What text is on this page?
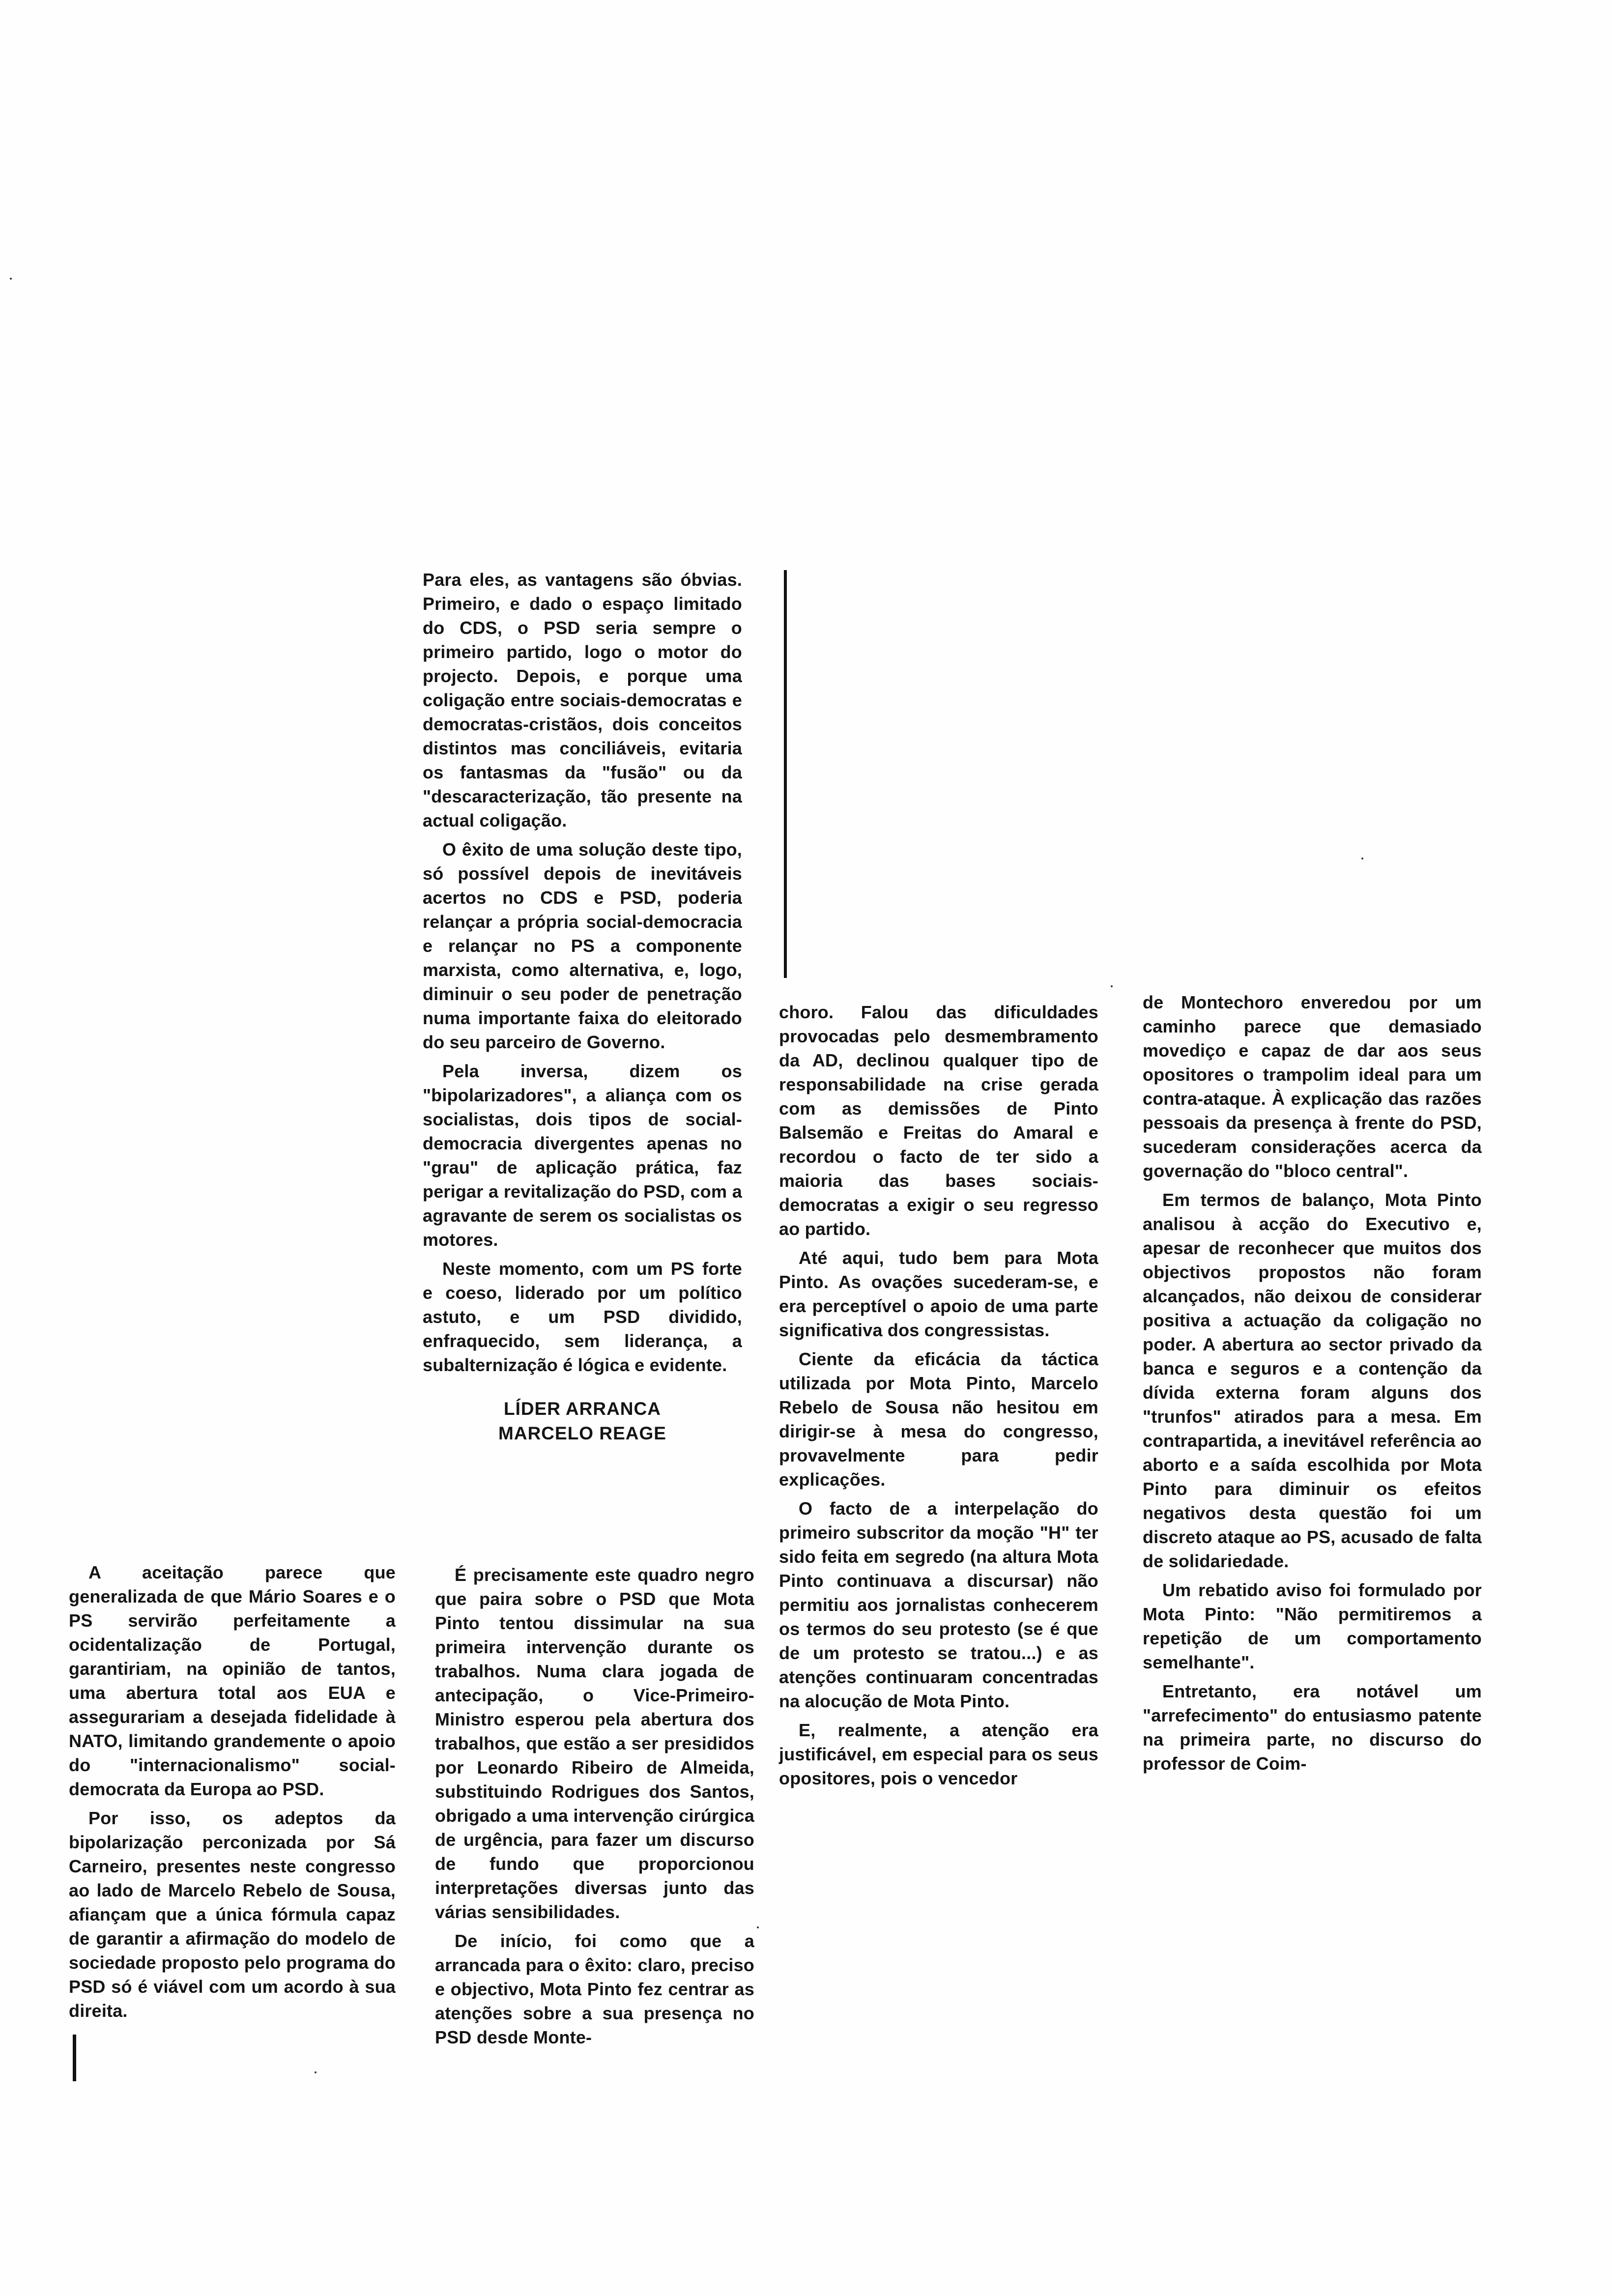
Para eles, as vantagens são óbvias. Primeiro, e dado o espaço limitado do CDS, o PSD seria sempre o primeiro partido, logo o motor do projecto. Depois, e porque uma coligação entre sociais-democratas e democratas-cristãos, dois conceitos distintos mas conciliáveis, evitaria os fantasmas da "fusão" ou da "descaracterização, tão presente na actual coligação.

O êxito de uma solução deste tipo, só possível depois de inevitáveis acertos no CDS e PSD, poderia relançar a própria social-democracia e relançar no PS a componente marxista, como alternativa, e, logo, diminuir o seu poder de penetração numa importante faixa do eleitorado do seu parceiro de Governo.

Pela inversa, dizem os "bipolarizadores", a aliança com os socialistas, dois tipos de social-democracia divergentes apenas no "grau" de aplicação prática, faz perigar a revitalização do PSD, com a agravante de serem os socialistas os motores.

Neste momento, com um PS forte e coeso, liderado por um político astuto, e um PSD dividido, enfraquecido, sem liderança, a subalternização é lógica e evidente.

LÍDER ARRANCA
MARCELO REAGE

É precisamente este quadro negro que paira sobre o PSD que Mota Pinto tentou dissimular na sua primeira intervenção durante os trabalhos. Numa clara jogada de antecipação, o Vice-Primeiro-Ministro esperou pela abertura dos trabalhos, que estão a ser presididos por Leonardo Ribeiro de Almeida, substituindo Rodrigues dos Santos, obrigado a uma intervenção cirúrgica de urgência, para fazer um discurso de fundo que proporcionou interpretações diversas junto das várias sensibilidades.

De início, foi como que a arrancada para o êxito: claro, preciso e objectivo, Mota Pinto fez centrar as atenções sobre a sua presença no PSD desde Monte-

choro. Falou das dificuldades provocadas pelo desmembramento da AD, declinou qualquer tipo de responsabilidade na crise gerada com as demissões de Pinto Balsemão e Freitas do Amaral e recordou o facto de ter sido a maioria das bases sociais-democratas a exigir o seu regresso ao partido.

Até aqui, tudo bem para Mota Pinto. As ovações sucederam-se, e era perceptível o apoio de uma parte significativa dos congressistas.

Ciente da eficácia da táctica utilizada por Mota Pinto, Marcelo Rebelo de Sousa não hesitou em dirigir-se à mesa do congresso, provavelmente para pedir explicações.

O facto de a interpelação do primeiro subscritor da moção "H" ter sido feita em segredo (na altura Mota Pinto continuava a discursar) não permitiu aos jornalistas conhecerem os termos do seu protesto (se é que de um protesto se tratou...) e as atenções continuaram concentradas na alocução de Mota Pinto.

E, realmente, a atenção era justificável, em especial para os seus opositores, pois o vencedor

de Montechoro enveredou por um caminho parece que demasiado movediço e capaz de dar aos seus opositores o trampolim ideal para um contra-ataque. À explicação das razões pessoais da presença à frente do PSD, sucederam considerações acerca da governação do "bloco central".

Em termos de balanço, Mota Pinto analisou à acção do Executivo e, apesar de reconhecer que muitos dos objectivos propostos não foram alcançados, não deixou de considerar positiva a actuação da coligação no poder. A abertura ao sector privado da banca e seguros e a contenção da dívida externa foram alguns dos "trunfos" atirados para a mesa. Em contrapartida, a inevitável referência ao aborto e a saída escolhida por Mota Pinto para diminuir os efeitos negativos desta questão foi um discreto ataque ao PS, acusado de falta de solidariedade.

Um rebatido aviso foi formulado por Mota Pinto: "Não permitiremos a repetição de um comportamento semelhante".

Entretanto, era notável um "arrefecimento" do entusiasmo patente na primeira parte, no discurso do professor de Coim-

A aceitação parece que generalizada de que Mário Soares e o PS servirão perfeitamente a ocidentalização de Portugal, garantiriam, na opinião de tantos, uma abertura total aos EUA e assegurariam a desejada fidelidade à NATO, limitando grandemente o apoio do "internacionalismo" social-democrata da Europa ao PSD.

Por isso, os adeptos da bipolarização perconizada por Sá Carneiro, presentes neste congresso ao lado de Marcelo Rebelo de Sousa, afiançam que a única fórmula capaz de garantir a afirmação do modelo de sociedade proposto pelo programa do PSD só é viável com um acordo à sua direita.
